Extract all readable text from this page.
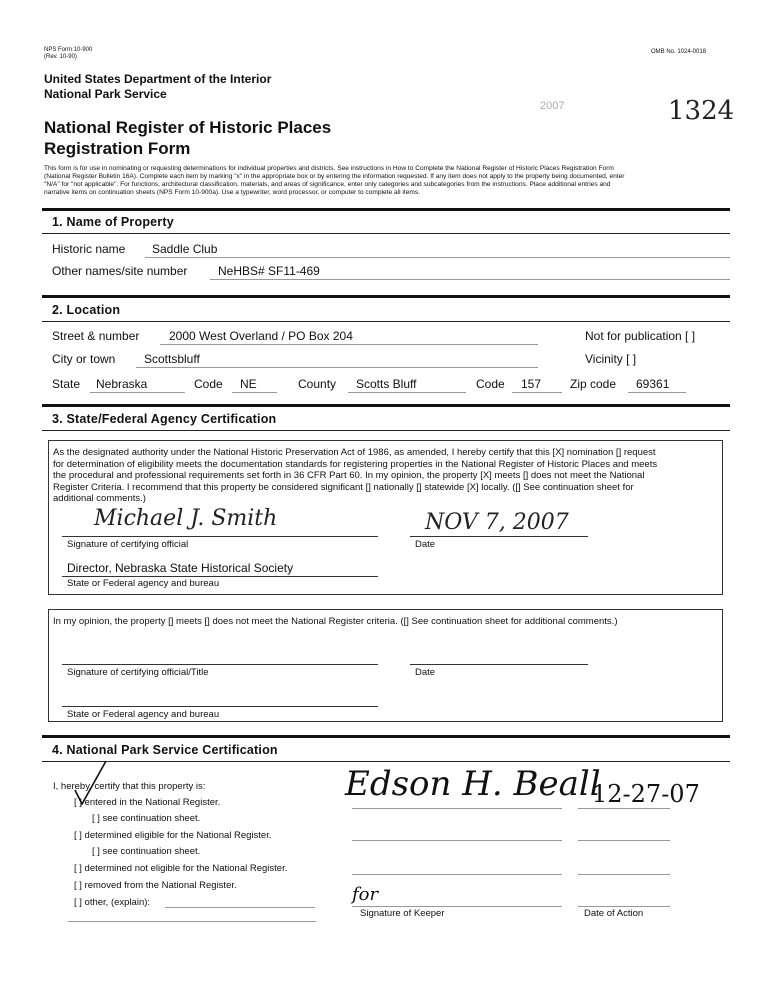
NPS Form 10-900
(Rev. 10-90)
OMB No. 1024-0018
United States Department of the Interior
National Park Service
National Register of Historic Places
Registration Form
2007	1324
This form is for use in nominating or requesting determinations for individual properties and districts. See instructions in How to Complete the National Register of Historic Places Registration Form
(National Register Bulletin 16A). Complete each item by marking "x" in the appropriate box or by entering the information requested. If any item does not apply to the property being documented, enter
"N/A" for "not applicable". For functions, architectural classification, materials, and areas of significance, enter only categories and subcategories from the instructions. Place additional entries and
narrative items on continuation sheets (NPS Form 10-900a). Use a typewriter, word processor, or computer to complete all items.
1. Name of Property
Historic name Saddle Club
Other names/site number	NeHBS# SF11-469
2. Location
Street & number 2000 West Overland / PO Box 204	Not for publication [ ]
City or town Scottsbluff	Vicinity [ ]
State Nebraska	Code NE	County Scotts Bluff	Code 157 Zip code 69361
3. State/Federal Agency Certification
As the designated authority under the National Historic Preservation Act of 1986, as amended, I hereby certify that this [X] nomination [] request
for determination of eligibility meets the documentation standards for registering properties in the National Register of Historic Places and meets
the procedural and professional requirements set forth in 36 CFR Part 60. In my opinion, the property [X] meets [] does not meet the National
Register Criteria. I recommend that this property be considered significant [] nationally [] statewide [X] locally. ([] See continuation sheet for
additional comments.)
Michael J. Smith
Signature of certifying official
NOV 7, 2007
Date
Director, Nebraska State Historical Society
State or Federal agency and bureau
In my opinion, the property [] meets [] does not meet the National Register criteria. ([] See continuation sheet for additional comments.)
Signature of certifying official/Title	Date
State or Federal agency and bureau
4. National Park Service Certification
I, hereby, certify that this property is:
[ ] entered in the National Register.
[ ] see continuation sheet.
[ ] determined eligible for the National Register.
[ ] see continuation sheet.
[ ] determined not eligible for the National Register.
[ ] removed from the National Register.
[ ] other, (explain):
Edson H. Beall
12-27-07
for
Signature of Keeper	Date of Action
